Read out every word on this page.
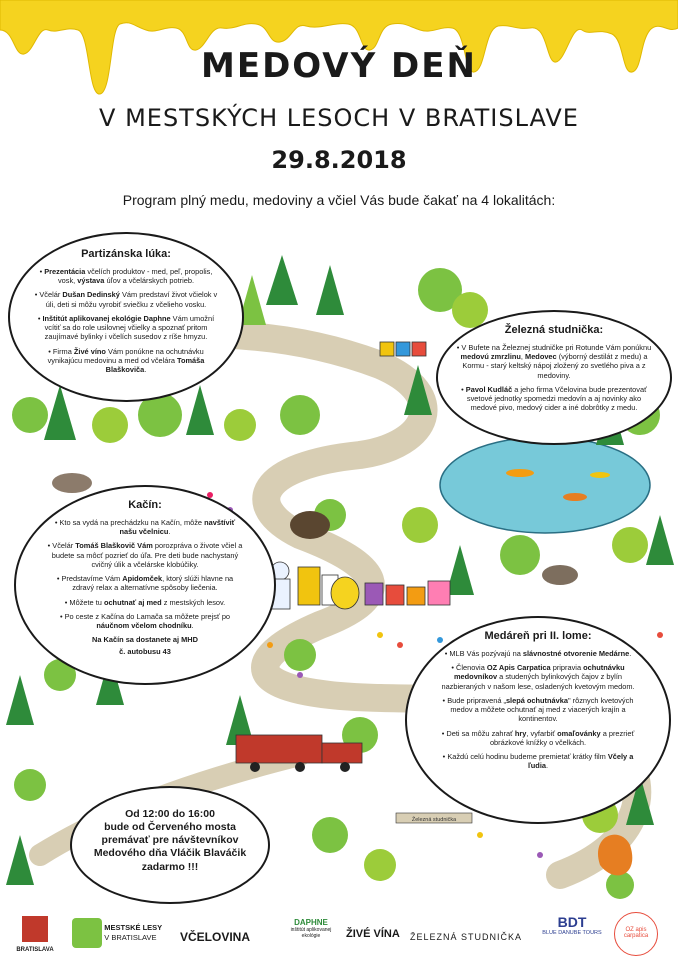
MEDOVÝ DEŇ
V MESTSKÝCH LESOCH V BRATISLAVE
29.8.2018
Program plný medu, medoviny a včiel Vás bude čakať na 4 lokalitách:
Železná studnička
Partizánska lúka:
• Prezentácia včelích produktov - med, peľ, propolis, vosk, výstava úľov a včelárskych potrieb.
• Včelár Dušan Dedinský Vám predstaví život včielok v úli, deti si môžu vyrobiť sviečku z včelieho vosku.
• Inštitút aplikovanej ekológie Daphne Vám umožní vcítiť sa do role usilovnej včielky a spoznať pritom zaujímavé bylinky i včelích susedov z ríše hmyzu.
• Firma Živé víno Vám ponúkne na ochutnávku vynikajúcu medovinu a med od včelára Tomáša Blaškoviča.
Železná studnička:
• V Bufete na Železnej studničke pri Rotunde Vám ponúknu medovú zmrzlinu, Medovec (výborný destilát z medu) a Kormu - starý keltský nápoj zložený zo svetlého piva a z medoviny.
• Pavol Kudláč a jeho firma Včelovina bude prezentovať svetové jednotky spomedzi medovín a aj novinky ako medové pivo, medový cider a iné dobrôtky z medu.
Kačín:
• Kto sa vydá na prechádzku na Kačín, môže navštíviť našu včelnicu.
• Včelár Tomáš Blaškovič Vám porozpráva o živote včiel a budete sa môcť pozrieť do úľa. Pre deti bude nachystaný cvičný úlik a včelárske klobúčiky.
• Predstavíme Vám Apidomček, ktorý slúži hlavne na zdravý relax a alternatívne spôsoby liečenia.
• Môžete tu ochutnať aj med z mestských lesov.
• Po ceste z Kačína do Lamača sa môžete prejsť po náučnom včelom chodníku.
Na Kačín sa dostanete aj MHD
č. autobusu 43
Medáreň pri II. lome:
• MLB Vás pozývajú na slávnostné otvorenie Medárne.
• Členovia OZ Apis Carpatica pripravia ochutnávku medovníkov a studených bylinkových čajov z bylín nazbieraných v našom lese, osladených kvetovým medom.
• Bude pripravená „slepá ochutnávka" rôznych kvetových medov a môžete ochutnať aj med z viacerých krajín a kontinentov.
• Deti sa môžu zahrať hry, vyfarbiť omaľovánky a prezrieť obrázkové knížky o včelkách.
• Každú celú hodinu budeme premietať krátky film Včely a ľudia.
Od 12:00 do 16:00
bude od Červeného mosta
premávať pre návštevníkov
Medového dňa Vláčik Blaváčik
zadarmo !!!
BRATISLAVA

MESTSKÉ LESY
V BRATISLAVE	VČELOVINA
DAPHNE
inštitút aplikovanej ekológie	ŽIVÉ VÍNA ŽELEZNÁ STUDNIČKA
BDT
BLUE DANUBE TOURS	OZ apis carpatica
